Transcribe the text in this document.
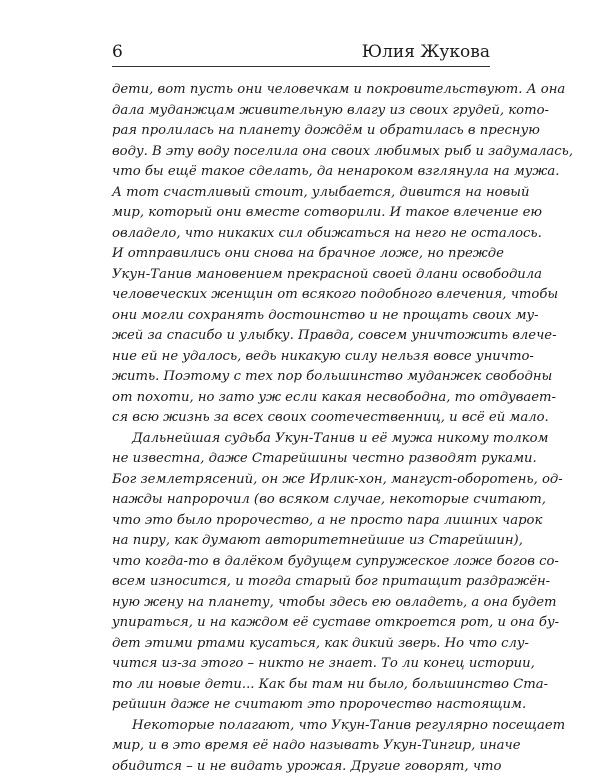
6	Юлия Жукова
дети, вот пусть они человечкам и покровительствуют. А она
дала муданжцам живительную влагу из своих грудей, кото-
рая пролилась на планету дождём и обратилась в пресную
воду. В эту воду поселила она своих любимых рыб и задумалась,
что бы ещё такое сделать, да ненароком взглянула на мужа.
А тот счастливый стоит, улыбается, дивится на новый
мир, который они вместе сотворили. И такое влечение ею
овладело, что никаких сил обижаться на него не осталось.
И отправились они снова на брачное ложе, но прежде
Укун-Танив мановением прекрасной своей длани освободила
человеческих женщин от всякого подобного влечения, чтобы
они могли сохранять достоинство и не прощать своих му-
жей за спасибо и улыбку. Правда, совсем уничтожить влече-
ние ей не удалось, ведь никакую силу нельзя вовсе уничто-
жить. Поэтому с тех пор большинство муданжек свободны
от похоти, но зато уж если какая несвободна, то отдувает-
ся всю жизнь за всех своих соотечественниц, и всё ей мало.
Дальнейшая судьба Укун-Танив и её мужа никому толком
не известна, даже Старейшины честно разводят руками.
Бог землетрясений, он же Ирлик-хон, мангуст-оборотень, од-
нажды напророчил (во всяком случае, некоторые считают,
что это было пророчество, а не просто пара лишних чарок
на пиру, как думают авторитетнейшие из Старейшин),
что когда-то в далёком будущем супружеское ложе богов со-
всем износится, и тогда старый бог притащит раздражён-
ную жену на планету, чтобы здесь ею овладеть, а она будет
упираться, и на каждом её суставе откроется рот, и она бу-
дет этими ртами кусаться, как дикий зверь. Но что слу-
чится из-за этого – никто не знает. То ли конец истории,
то ли новые дети... Как бы там ни было, большинство Ста-
рейшин даже не считают это пророчество настоящим.
Некоторые полагают, что Укун-Танив регулярно посещает
мир, и в это время её надо называть Укун-Тингир, иначе
обидится – и не видать урожая. Другие говорят, что
